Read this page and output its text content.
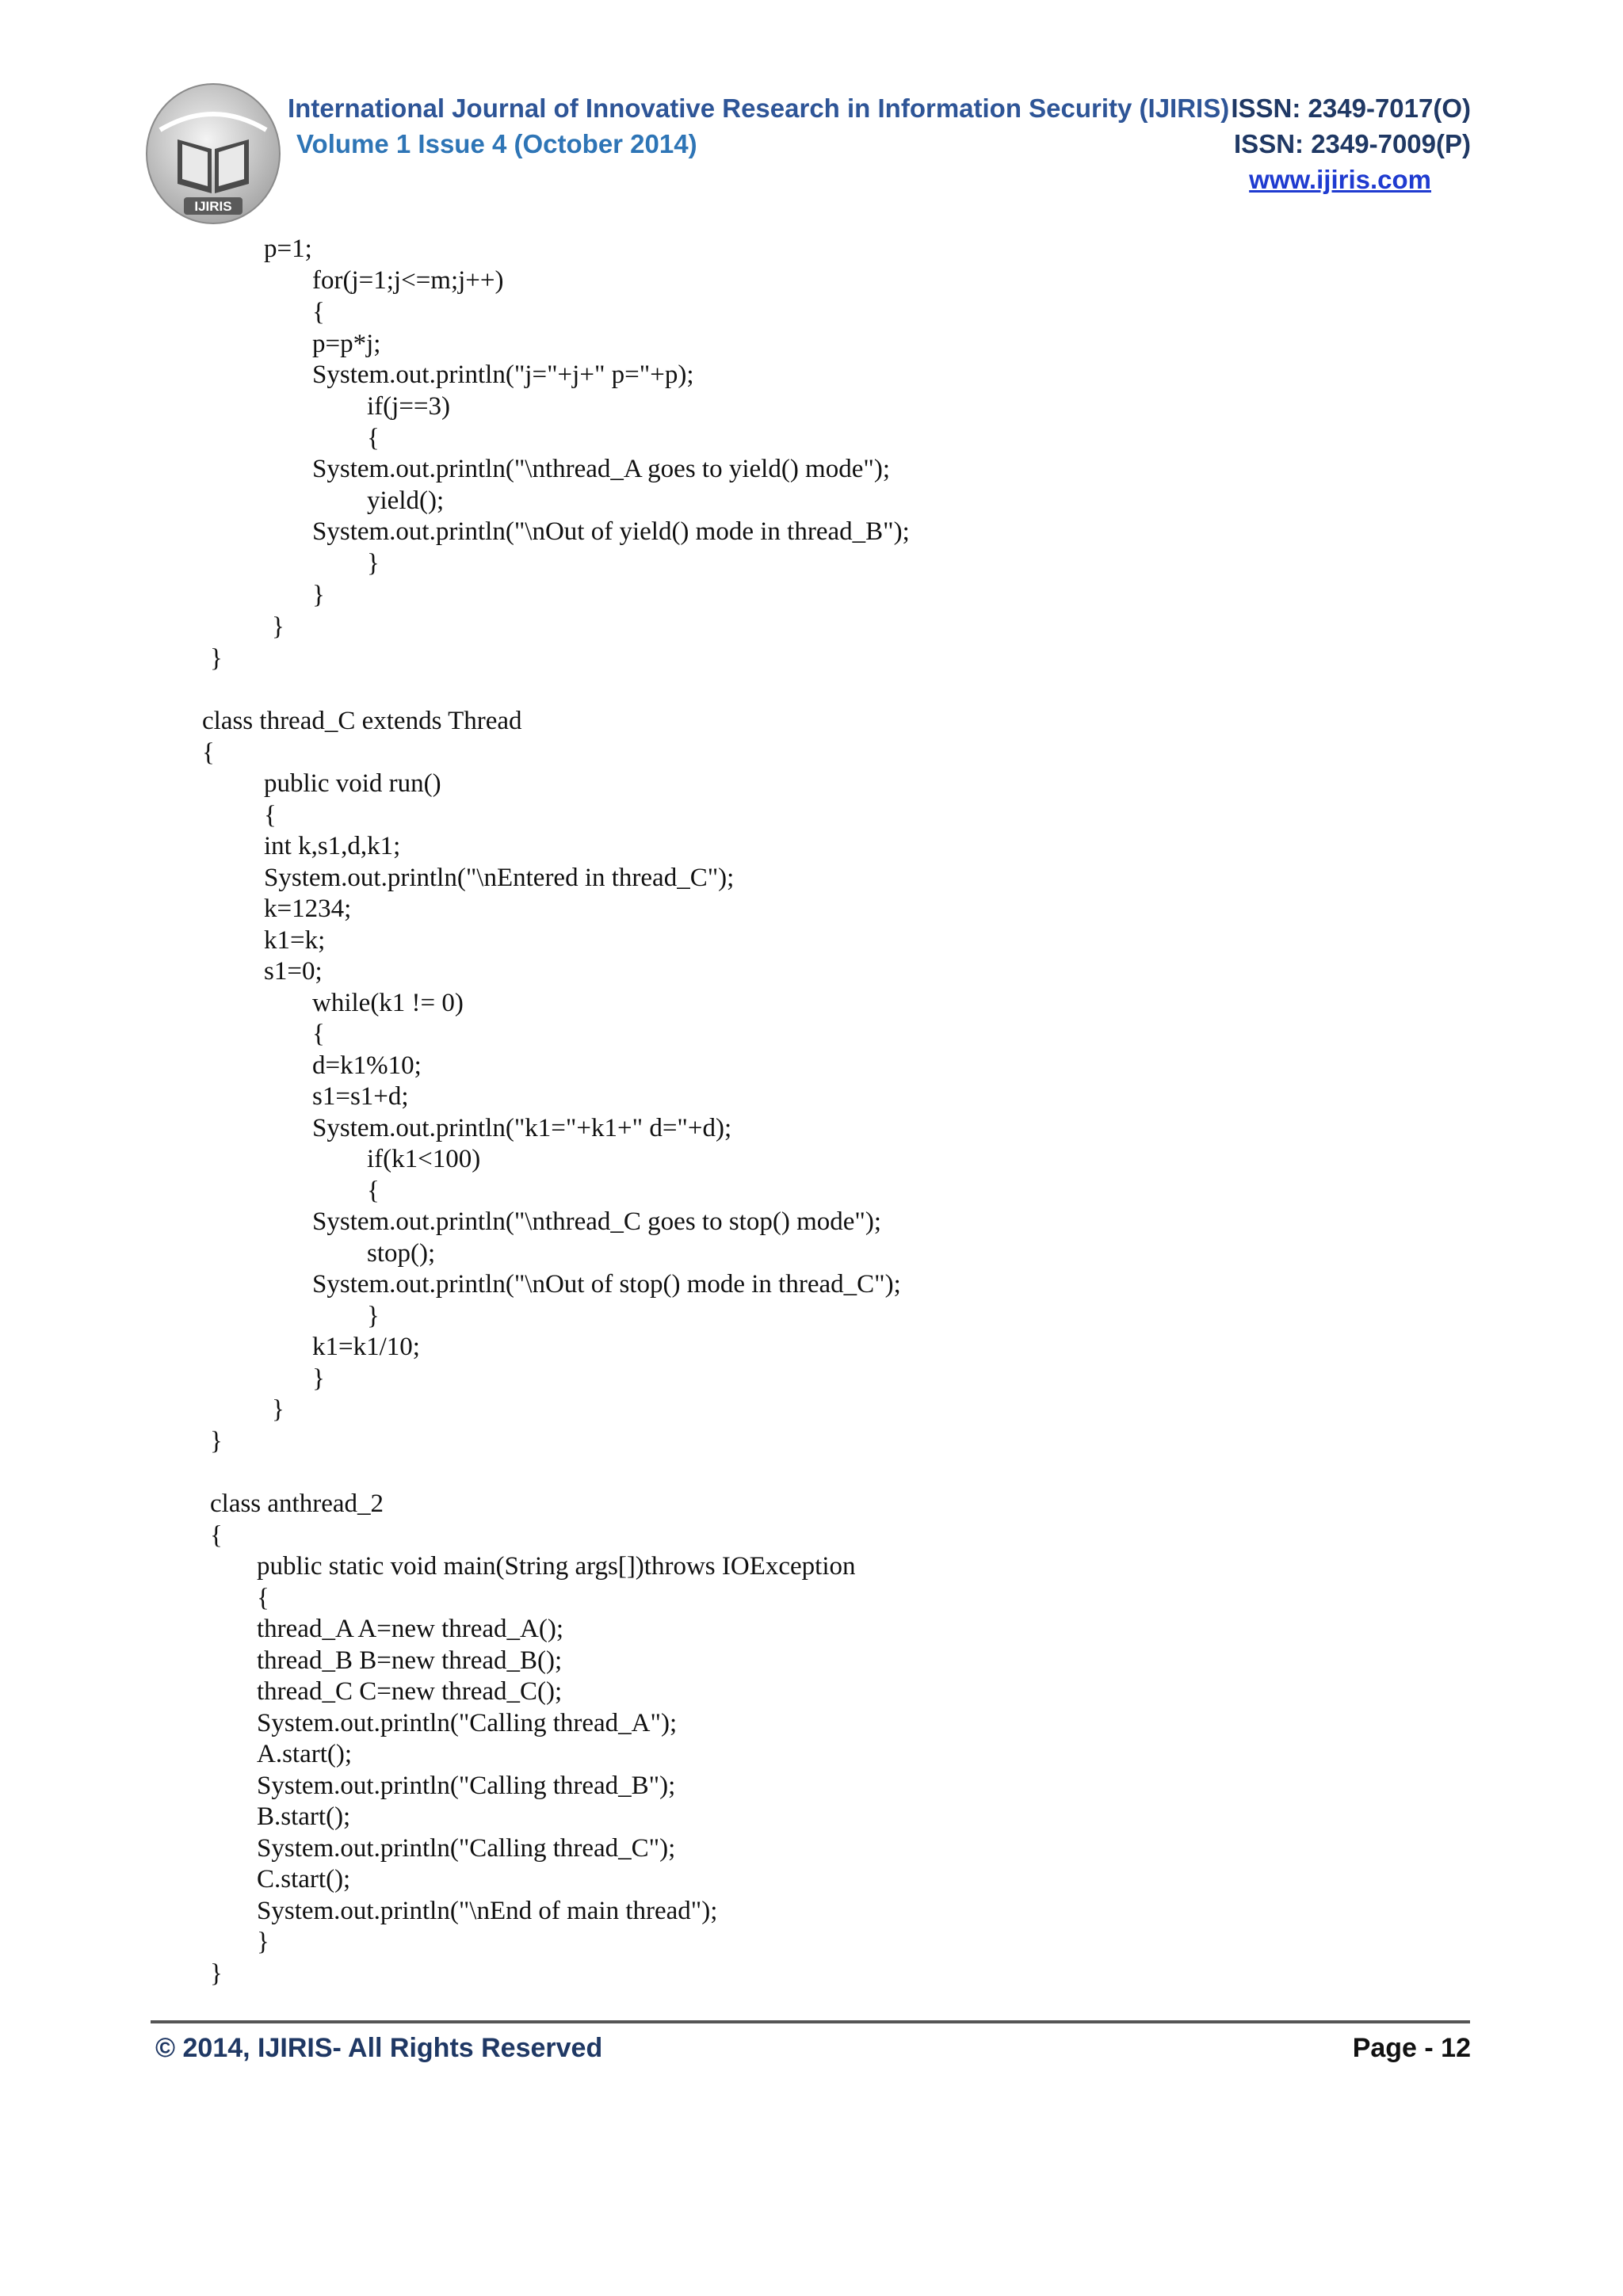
IJIRIS
International Journal of Innovative Research in Information Security (IJIRIS) ISSN: 2349-7017(O)
Volume 1 Issue 4 (October 2014)	ISSN: 2349-7009(P)
www.ijiris.com
p=1;
for(j=1;j<=m;j++)
{
p=p*j;
System.out.println("j="+j+" p="+p);
if(j==3)
{
System.out.println("\nthread_A goes to yield() mode");
yield();
System.out.println("\nOut of yield() mode in thread_B");
}
}
}
}
class thread_C extends Thread
{
public void run()
{
int k,s1,d,k1;
System.out.println("\nEntered in thread_C");
k=1234;
k1=k;
s1=0;
while(k1 != 0)
{
d=k1%10;
s1=s1+d;
System.out.println("k1="+k1+" d="+d);
if(k1<100)
{
System.out.println("\nthread_C goes to stop() mode");
stop();
System.out.println("\nOut of stop() mode in thread_C");
}
k1=k1/10;
}
}
}
class anthread_2
{
public static void main(String args[])throws IOException
{
thread_A A=new thread_A();
thread_B B=new thread_B();
thread_C C=new thread_C();
System.out.println("Calling thread_A");
A.start();
System.out.println("Calling thread_B");
B.start();
System.out.println("Calling thread_C");
C.start();
System.out.println("\nEnd of main thread");
}
}
© 2014, IJIRIS- All Rights Reserved	Page - 12
